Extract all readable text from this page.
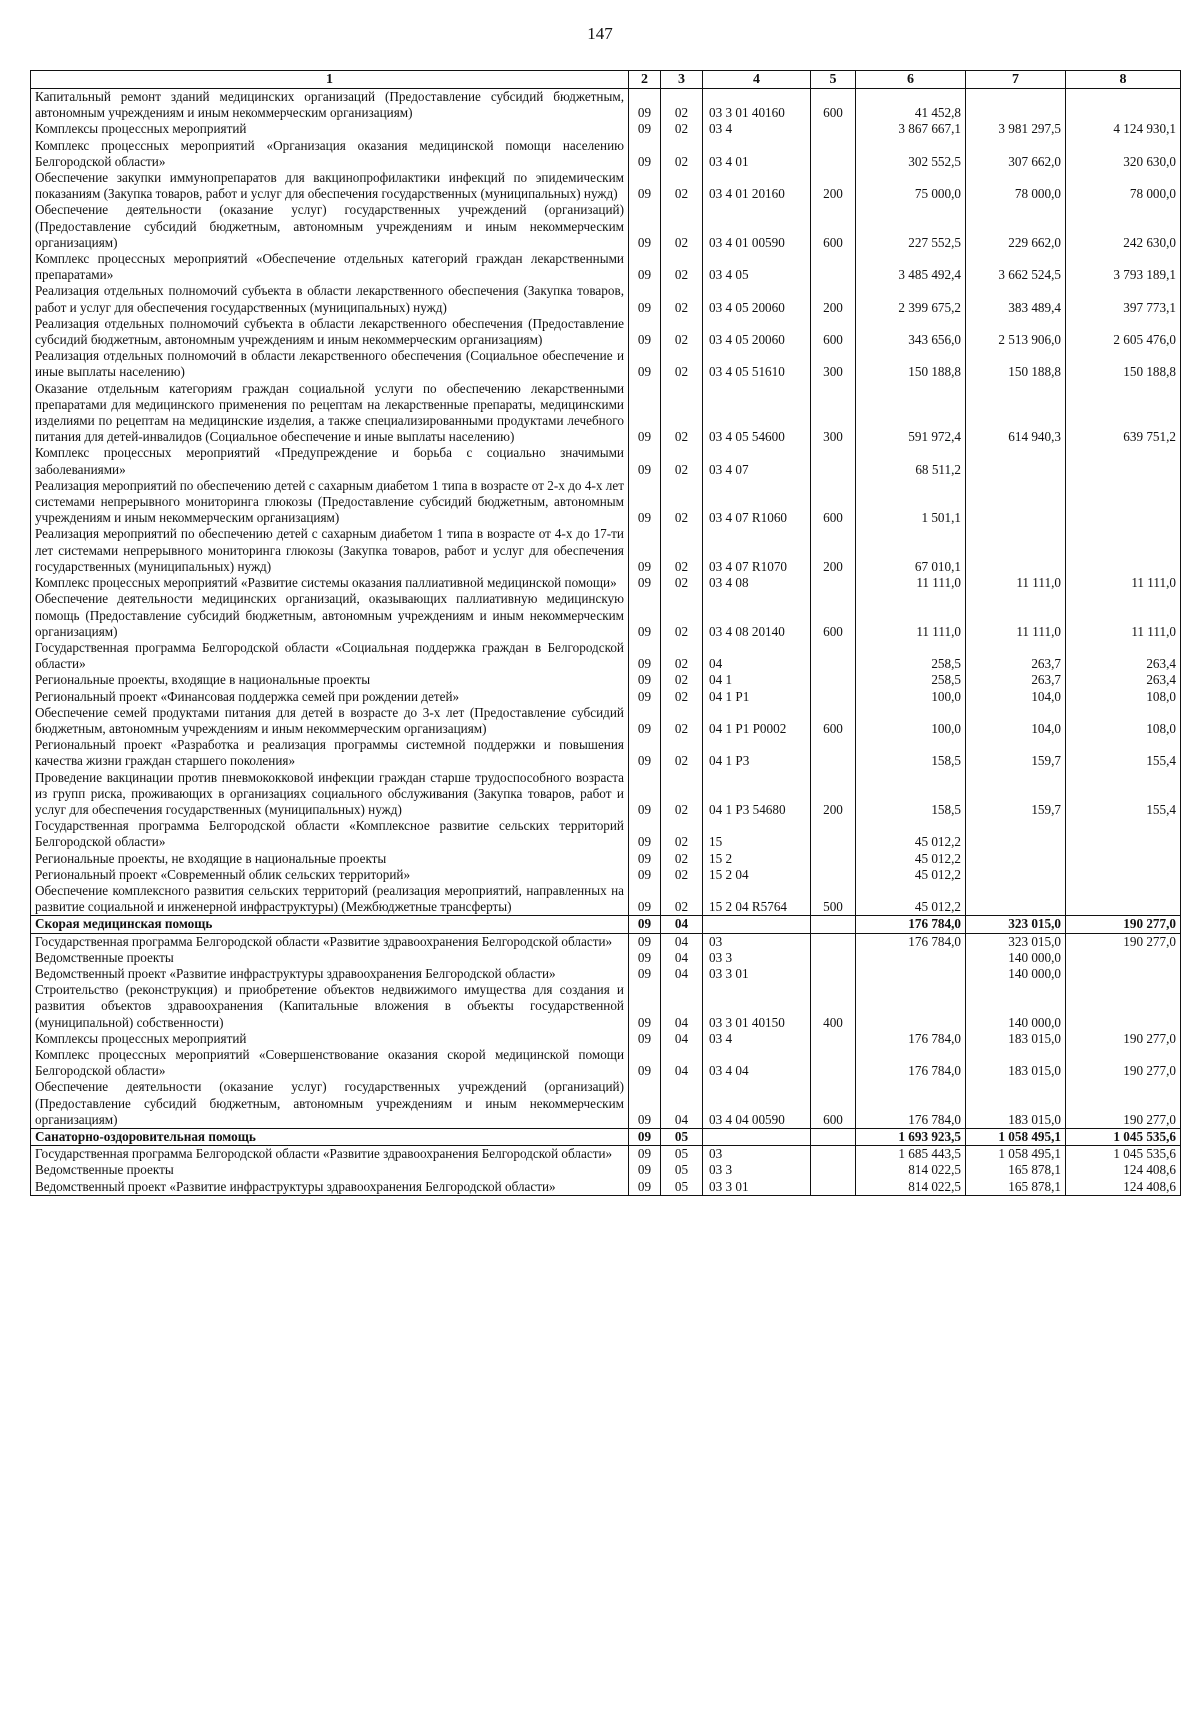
147
1	2	3	4	5	6	7	8
Капитальный ремонт зданий медицинских организаций (Предоставление субсидий бюджетным, автономным учреждениям и иным некоммерческим организациям)	09	02	03 3 01 40160	600	41 452,8		
Комплексы процессных мероприятий	09	02	03 4		3 867 667,1	3 981 297,5	4 124 930,1
Комплекс процессных мероприятий «Организация оказания медицинской помощи населению Белгородской области»	09	02	03 4 01		302 552,5	307 662,0	320 630,0
Обеспечение закупки иммунопрепаратов для вакцинопрофилактики инфекций по эпидемическим показаниям (Закупка товаров, работ и услуг для обеспечения государственных (муниципальных) нужд)	09	02	03 4 01 20160	200	75 000,0	78 000,0	78 000,0
Обеспечение деятельности (оказание услуг) государственных учреждений (организаций) (Предоставление субсидий бюджетным, автономным учреждениям и иным некоммерческим организациям)	09	02	03 4 01 00590	600	227 552,5	229 662,0	242 630,0
Комплекс процессных мероприятий «Обеспечение отдельных категорий граждан лекарственными препаратами»	09	02	03 4 05		3 485 492,4	3 662 524,5	3 793 189,1
Реализация отдельных полномочий субъекта в области лекарственного обеспечения (Закупка товаров, работ и услуг для обеспечения государственных (муниципальных) нужд)	09	02	03 4 05 20060	200	2 399 675,2	383 489,4	397 773,1
Реализация отдельных полномочий субъекта в области лекарственного обеспечения (Предоставление субсидий бюджетным, автономным учреждениям и иным некоммерческим организациям)	09	02	03 4 05 20060	600	343 656,0	2 513 906,0	2 605 476,0
Реализация отдельных полномочий в области лекарственного обеспечения (Социальное обеспечение и иные выплаты населению)	09	02	03 4 05 51610	300	150 188,8	150 188,8	150 188,8
Оказание отдельным категориям граждан социальной услуги по обеспечению лекарственными препаратами для медицинского применения по рецептам на лекарственные препараты, медицинскими изделиями по рецептам на медицинские изделия, а также специализированными продуктами лечебного питания для детей-инвалидов (Социальное обеспечение и иные выплаты населению)	09	02	03 4 05 54600	300	591 972,4	614 940,3	639 751,2
Комплекс процессных мероприятий «Предупреждение и борьба с социально значимыми заболеваниями»	09	02	03 4 07		68 511,2		
Реализация мероприятий по обеспечению детей с сахарным диабетом 1 типа в возрасте от 2-х до 4-х лет системами непрерывного мониторинга глюкозы (Предоставление субсидий бюджетным, автономным учреждениям и иным некоммерческим организациям)	09	02	03 4 07 R1060	600	1 501,1		
Реализация мероприятий по обеспечению детей с сахарным диабетом 1 типа в возрасте от 4-х до 17-ти лет системами непрерывного мониторинга глюкозы (Закупка товаров, работ и услуг для обеспечения государственных (муниципальных) нужд)	09	02	03 4 07 R1070	200	67 010,1		
Комплекс процессных мероприятий «Развитие системы оказания паллиативной медицинской помощи»	09	02	03 4 08		11 111,0	11 111,0	11 111,0
Обеспечение деятельности медицинских организаций, оказывающих паллиативную медицинскую помощь (Предоставление субсидий бюджетным, автономным учреждениям и иным некоммерческим организациям)	09	02	03 4 08 20140	600	11 111,0	11 111,0	11 111,0
Государственная программа Белгородской области «Социальная поддержка граждан в Белгородской области»	09	02	04		258,5	263,7	263,4
Региональные проекты, входящие в национальные проекты	09	02	04 1		258,5	263,7	263,4
Региональный проект «Финансовая поддержка семей при рождении детей»	09	02	04 1 P1		100,0	104,0	108,0
Обеспечение семей продуктами питания для детей в возрасте до 3-х лет (Предоставление субсидий бюджетным, автономным учреждениям и иным некоммерческим организациям)	09	02	04 1 P1 P0002	600	100,0	104,0	108,0
Региональный проект «Разработка и реализация программы системной поддержки и повышения качества жизни граждан старшего поколения»	09	02	04 1 P3		158,5	159,7	155,4
Проведение вакцинации против пневмококковой инфекции граждан старше трудоспособного возраста из групп риска, проживающих в организациях социального обслуживания (Закупка товаров, работ и услуг для обеспечения государственных (муниципальных) нужд)	09	02	04 1 P3 54680	200	158,5	159,7	155,4
Государственная программа Белгородской области «Комплексное развитие сельских территорий Белгородской области»	09	02	15		45 012,2		
Региональные проекты, не входящие в национальные проекты	09	02	15 2		45 012,2		
Региональный проект «Современный облик сельских территорий»	09	02	15 2 04		45 012,2		
Обеспечение комплексного развития сельских территорий (реализация мероприятий, направленных на развитие социальной и инженерной инфраструктуры) (Межбюджетные трансферты)	09	02	15 2 04 R5764	500	45 012,2		
Скорая медицинская помощь	09	04			176 784,0	323 015,0	190 277,0
Государственная программа Белгородской области «Развитие здравоохранения Белгородской области»	09	04	03		176 784,0	323 015,0	190 277,0
Ведомственные проекты	09	04	03 3			140 000,0	
Ведомственный проект «Развитие инфраструктуры здравоохранения Белгородской области»	09	04	03 3 01			140 000,0	
Строительство (реконструкция) и приобретение объектов недвижимого имущества для создания и развития объектов здравоохранения (Капитальные вложения в объекты государственной (муниципальной) собственности)	09	04	03 3 01 40150	400		140 000,0	
Комплексы процессных мероприятий	09	04	03 4		176 784,0	183 015,0	190 277,0
Комплекс процессных мероприятий «Совершенствование оказания скорой медицинской помощи Белгородской области»	09	04	03 4 04		176 784,0	183 015,0	190 277,0
Обеспечение деятельности (оказание услуг) государственных учреждений (организаций) (Предоставление субсидий бюджетным, автономным учреждениям и иным некоммерческим организациям)	09	04	03 4 04 00590	600	176 784,0	183 015,0	190 277,0
Санаторно-оздоровительная помощь	09	05			1 693 923,5	1 058 495,1	1 045 535,6
Государственная программа Белгородской области «Развитие здравоохранения Белгородской области»	09	05	03		1 685 443,5	1 058 495,1	1 045 535,6
Ведомственные проекты	09	05	03 3		814 022,5	165 878,1	124 408,6
Ведомственный проект «Развитие инфраструктуры здравоохранения Белгородской области»	09	05	03 3 01		814 022,5	165 878,1	124 408,6
